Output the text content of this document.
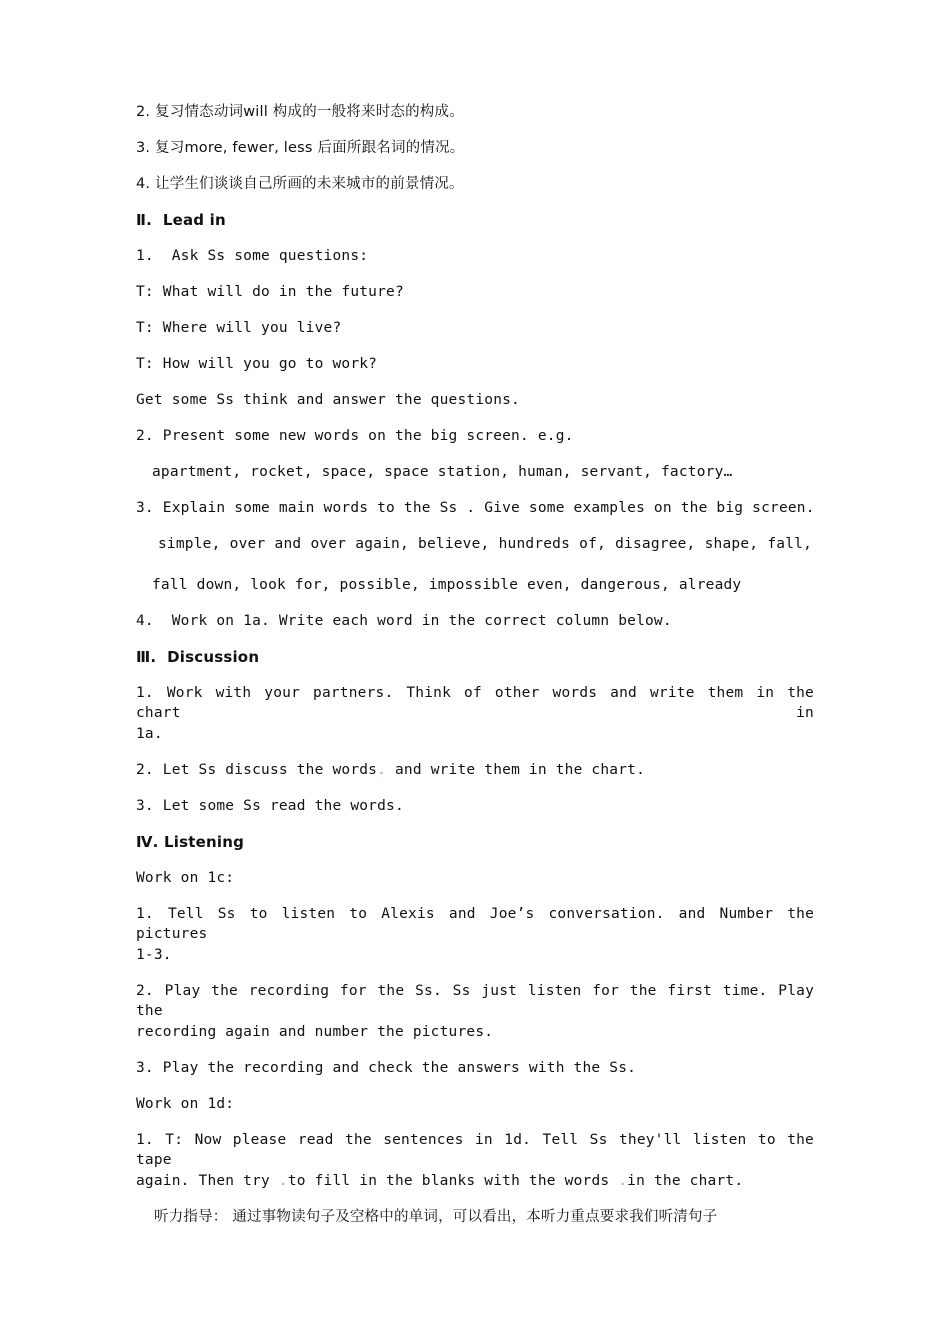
2. 复习情态动词will 构成的一般将来时态的构成。
3. 复习more, fewer, less 后面所跟名词的情况。
4. 让学生们谈谈自己所画的未来城市的前景情况。
Ⅱ.  Lead in
1.  Ask Ss some questions:
T: What will do in the future?
T: Where will you live?
T: How will you go to work?
Get some Ss think and answer the questions.
2. Present some new words on the big screen. e.g.
apartment, rocket, space, space station, human, servant, factory…
3. Explain some main words to the Ss . Give some examples on the big screen.
simple, over and over again, believe, hundreds of, disagree, shape, fall,
fall down, look for, possible, impossible even, dangerous, already
4.  Work on 1a. Write each word in the correct column below.
Ⅲ.  Discussion
1. Work with your partners. Think of other words and write them in the chart in
1a.
2. Let Ss discuss the words. and write them in the chart.
3. Let some Ss read the words.
Ⅳ. Listening
Work on 1c:
1. Tell Ss to listen to Alexis and Joe’s conversation. and Number the pictures
1-3.
2. Play the recording for the Ss. Ss just listen for the first time. Play the
recording again and number the pictures.
3. Play the recording and check the answers with the Ss.
Work on 1d:
1. T: Now please read the sentences in 1d. Tell Ss they'll listen to the tape
again. Then try .to fill in the blanks with the words .in the chart.
听力指导： 通过事物读句子及空格中的单词，可以看出，本听力重点要求我们听清句子
